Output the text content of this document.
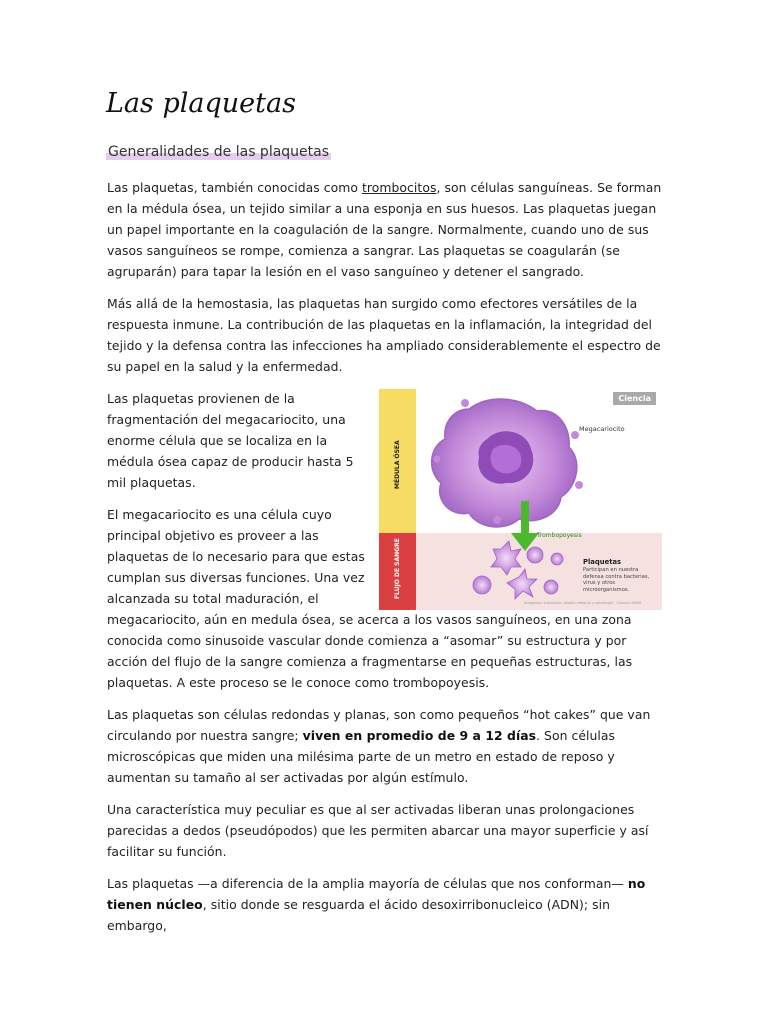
Las plaquetas
Generalidades de las plaquetas

Las plaquetas, también conocidas como trombocitos, son células sanguíneas. Se forman en la médula ósea, un tejido similar a una esponja en sus huesos. Las plaquetas juegan un papel importante en la coagulación de la sangre. Normalmente, cuando uno de sus vasos sanguíneos se rompe, comienza a sangrar. Las plaquetas se coagularán (se agruparán) para tapar la lesión en el vaso sanguíneo y detener el sangrado.

Más allá de la hemostasia, las plaquetas han surgido como efectores versátiles de la respuesta inmune. La contribución de las plaquetas en la inflamación, la integridad del tejido y la defensa contra las infecciones ha ampliado considerablemente el espectro de su papel en la salud y la enfermedad.

Las plaquetas provienen de la
fragmentación del megacariocito, una
enorme célula que se localiza en la
médula ósea capaz de producir hasta 5
mil plaquetas.

El megacariocito es una célula cuyo
principal objetivo es proveer a las
plaquetas de lo necesario para que estas
cumplan sus diversas funciones. Una vez
alcanzada su total maduración, el

megacariocito, aún en medula ósea, se acerca a los vasos sanguíneos, en una zona conocida como sinusoide vascular donde comienza a “asomar” su estructura y por acción del flujo de la sangre comienza a fragmentarse en pequeñas estructuras, las plaquetas. A este proceso se le conoce como trombopoyesis.

Las plaquetas son células redondas y planas, son como pequeños “hot cakes” que van circulando por nuestra sangre; viven en promedio de 9 a 12 días. Son células microscópicas que miden una milésima parte de un metro en estado de reposo y aumentan su tamaño al ser activadas por algún estímulo.

Una característica muy peculiar es que al ser activadas liberan unas prolongaciones parecidas a dedos (pseudópodos) que les permiten abarcar una mayor superficie y así facilitar su función.

Las plaquetas —a diferencia de la amplia mayoría de células que nos conforman— no tienen núcleo, sitio donde se resguarda el ácido desoxirribonucleico (ADN); sin embargo,

MÉDULA ÓSEA
FLUJO DE SANGRE
Ciencia
Megacariocito
Trombopoyesis
Plaquetas
Participan en nuestra defensa contra bacterias, virus y otros microorganismos.
Imágenes: Ilustración, diseño editorial y estrategia · Ciencia UNAM
